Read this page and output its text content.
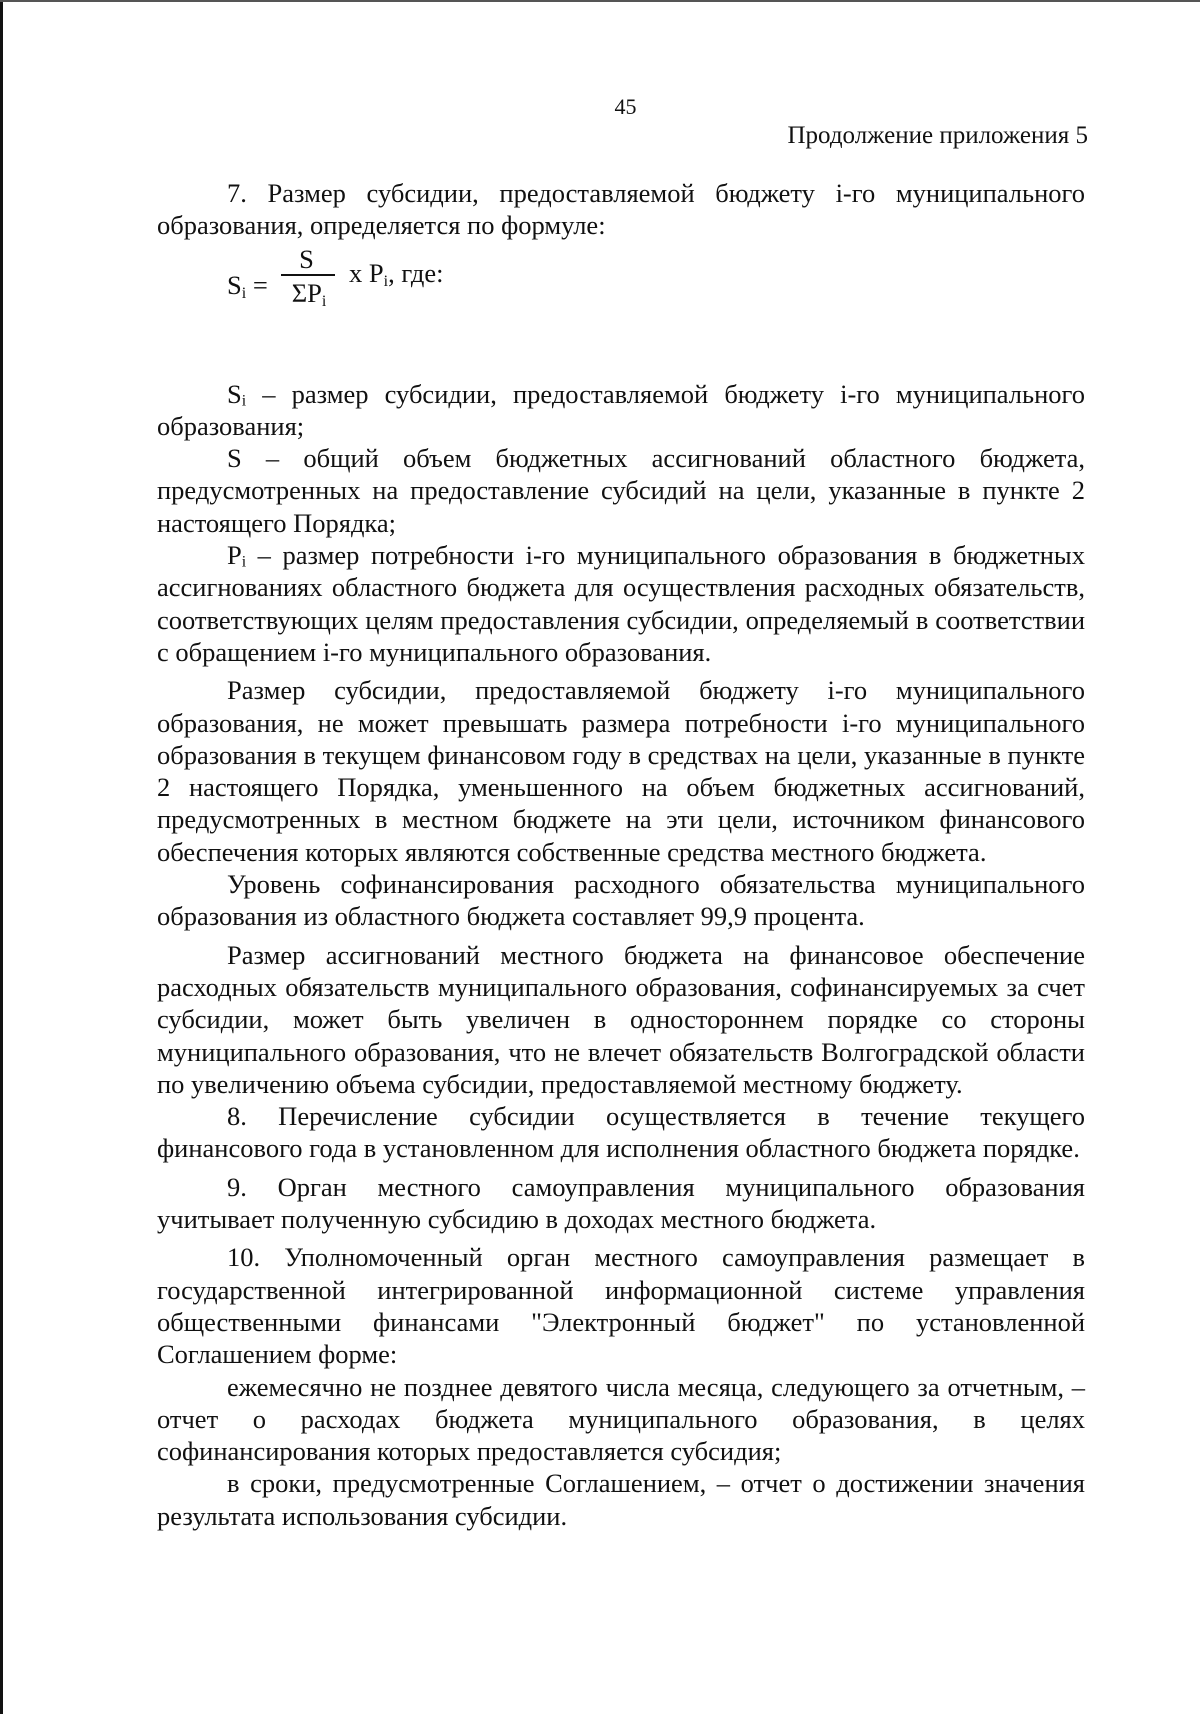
45
Продолжение приложения 5

7. Размер субсидии, предоставляемой бюджету i-го муниципального образования, определяется по формуле:

$S_i$ =
S
$\Sigma P_i$
x $P_i$, где:

Sᵢ – размер субсидии, предоставляемой бюджету i-го муниципального образования;

S – общий объем бюджетных ассигнований областного бюджета, предусмотренных на предоставление субсидий на цели, указанные в пункте 2 настоящего Порядка;

Pᵢ – размер потребности i-го муниципального образования в бюджетных ассигнованиях областного бюджета для осуществления расходных обязательств, соответствующих целям предоставления субсидии, определяемый в соответствии с обращением i-го муниципального образования.

Размер субсидии, предоставляемой бюджету i-го муниципального образования, не может превышать размера потребности i-го муниципального образования в текущем финансовом году в средствах на цели, указанные в пункте 2 настоящего Порядка, уменьшенного на объем бюджетных ассигнований, предусмотренных в местном бюджете на эти цели, источником финансового обеспечения которых являются собственные средства местного бюджета.

Уровень софинансирования расходного обязательства муниципального образования из областного бюджета составляет 99,9 процента.

Размер ассигнований местного бюджета на финансовое обеспечение расходных обязательств муниципального образования, софинансируемых за счет субсидии, может быть увеличен в одностороннем порядке со стороны муниципального образования, что не влечет обязательств Волгоградской области по увеличению объема субсидии, предоставляемой местному бюджету.

8. Перечисление субсидии осуществляется в течение текущего финансового года в установленном для исполнения областного бюджета порядке.

9. Орган местного самоуправления муниципального образования учитывает полученную субсидию в доходах местного бюджета.

10. Уполномоченный орган местного самоуправления размещает в государственной интегрированной информационной системе управления общественными финансами "Электронный бюджет" по установленной Соглашением форме:

ежемесячно не позднее девятого числа месяца, следующего за отчетным, – отчет о расходах бюджета муниципального образования, в целях софинансирования которых предоставляется субсидия;

в сроки, предусмотренные Соглашением, – отчет о достижении значения результата использования субсидии.
